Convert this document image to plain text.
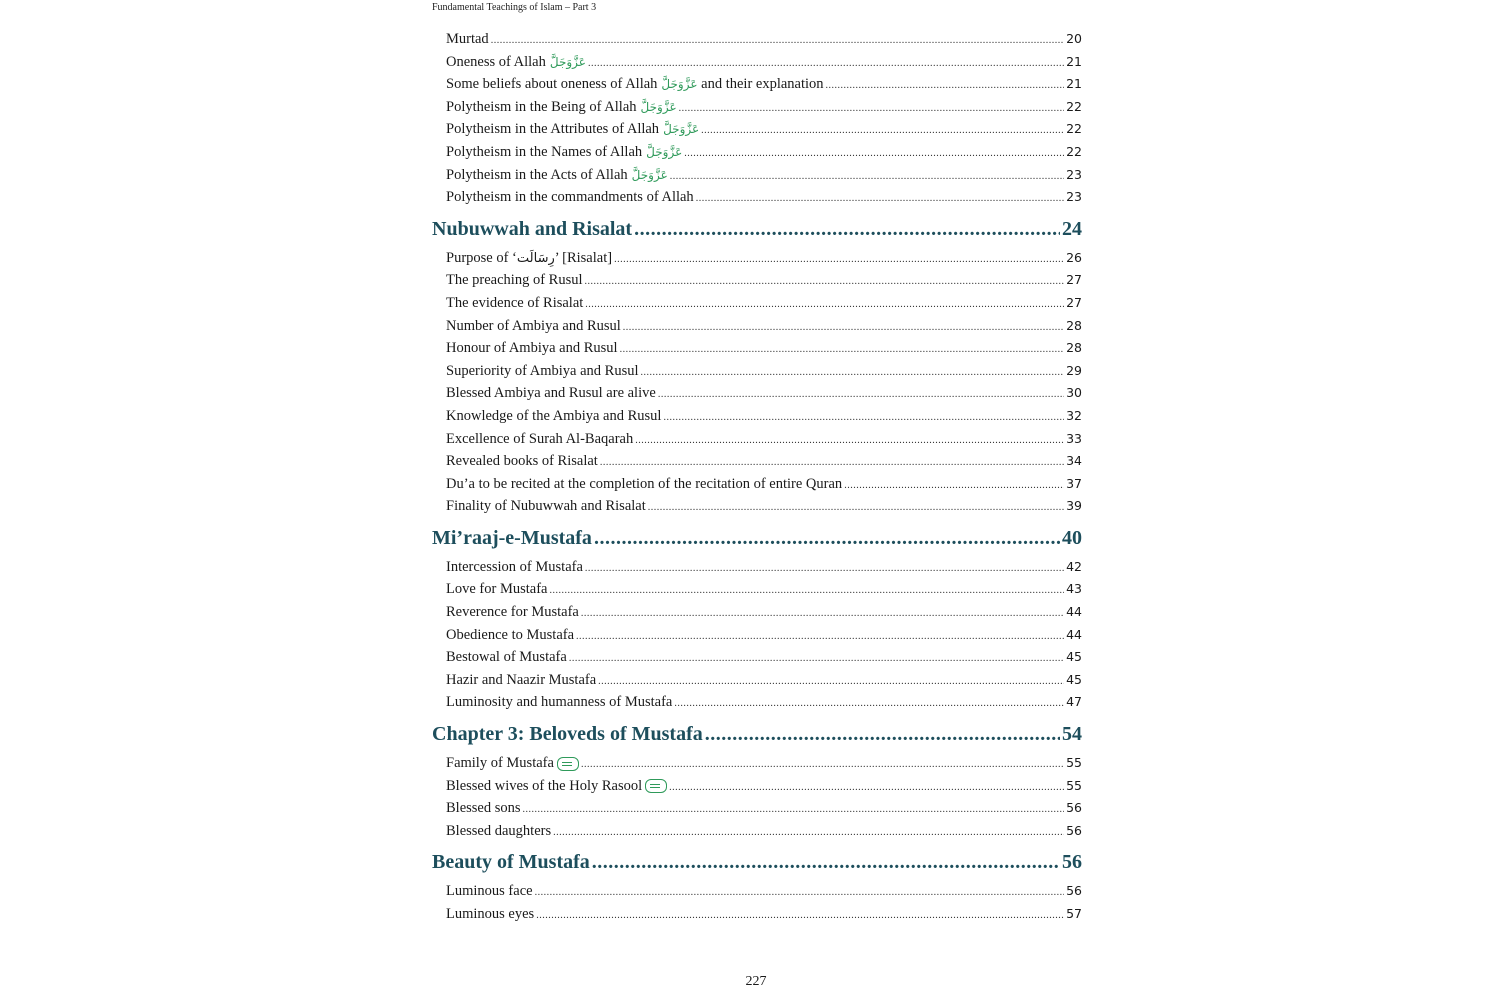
Fundamental Teachings of Islam – Part 3
Murtad .....	20
Oneness of Allah عَزَّوَجَلَّ .....	21
Some beliefs about oneness of Allah عَزَّوَجَلَّ and their explanation .....	21
Polytheism in the Being of Allah عَزَّوَجَلَّ .....	22
Polytheism in the Attributes of Allah عَزَّوَجَلَّ .....	22
Polytheism in the Names of Allah عَزَّوَجَلَّ .....	22
Polytheism in the Acts of Allah عَزَّوَجَلَّ .....	23
Polytheism in the commandments of Allah .....	23
Nubuwwah and Risalat .....	24
Purpose of ‘رِسَالَت’ [Risalat] .....	26
The preaching of Rusul .....	27
The evidence of Risalat .....	27
Number of Ambiya and Rusul .....	28
Honour of Ambiya and Rusul .....	28
Superiority of Ambiya and Rusul .....	29
Blessed Ambiya and Rusul are alive .....	30
Knowledge of the Ambiya and Rusul .....	32
Excellence of Surah Al-Baqarah .....	33
Revealed books of Risalat .....	34
Du’a to be recited at the completion of the recitation of entire Quran .....	37
Finality of Nubuwwah and Risalat .....	39
Mi’raaj-e-Mustafa .....	40
Intercession of Mustafa .....	42
Love for Mustafa .....	43
Reverence for Mustafa .....	44
Obedience to Mustafa .....	44
Bestowal of Mustafa .....	45
Hazir and Naazir Mustafa .....	45
Luminosity and humanness of Mustafa .....	47
Chapter 3: Beloveds of Mustafa .....	54
Family of Mustafa .....	55
Blessed wives of the Holy Rasool .....	55
Blessed sons .....	56
Blessed daughters .....	56
Beauty of Mustafa .....	56
Luminous face .....	56
Luminous eyes .....	57
227
